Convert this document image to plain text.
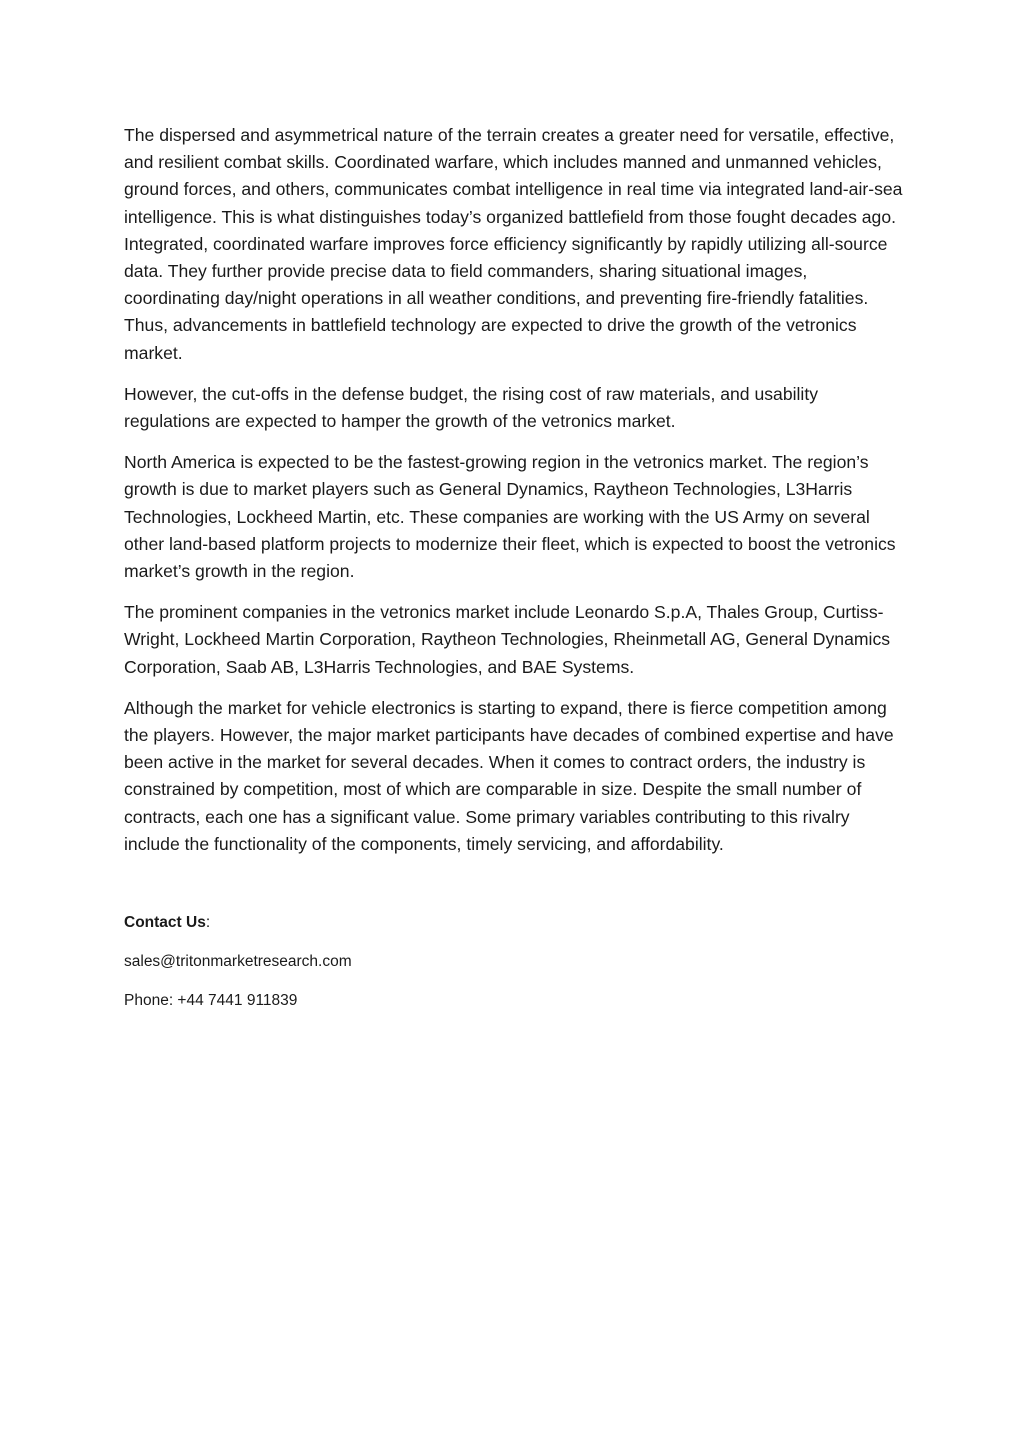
The dispersed and asymmetrical nature of the terrain creates a greater need for versatile, effective, and resilient combat skills. Coordinated warfare, which includes manned and unmanned vehicles, ground forces, and others, communicates combat intelligence in real time via integrated land-air-sea intelligence. This is what distinguishes today’s organized battlefield from those fought decades ago. Integrated, coordinated warfare improves force efficiency significantly by rapidly utilizing all-source data. They further provide precise data to field commanders, sharing situational images, coordinating day/night operations in all weather conditions, and preventing fire-friendly fatalities. Thus, advancements in battlefield technology are expected to drive the growth of the vetronics market.

However, the cut-offs in the defense budget, the rising cost of raw materials, and usability regulations are expected to hamper the growth of the vetronics market.

North America is expected to be the fastest-growing region in the vetronics market. The region’s growth is due to market players such as General Dynamics, Raytheon Technologies, L3Harris Technologies, Lockheed Martin, etc. These companies are working with the US Army on several other land-based platform projects to modernize their fleet, which is expected to boost the vetronics market’s growth in the region.

The prominent companies in the vetronics market include Leonardo S.p.A, Thales Group, Curtiss-Wright, Lockheed Martin Corporation, Raytheon Technologies, Rheinmetall AG, General Dynamics Corporation, Saab AB, L3Harris Technologies, and BAE Systems.

Although the market for vehicle electronics is starting to expand, there is fierce competition among the players. However, the major market participants have decades of combined expertise and have been active in the market for several decades. When it comes to contract orders, the industry is constrained by competition, most of which are comparable in size. Despite the small number of contracts, each one has a significant value. Some primary variables contributing to this rivalry include the functionality of the components, timely servicing, and affordability.

Contact Us:

sales@tritonmarketresearch.com

Phone: +44 7441 911839
